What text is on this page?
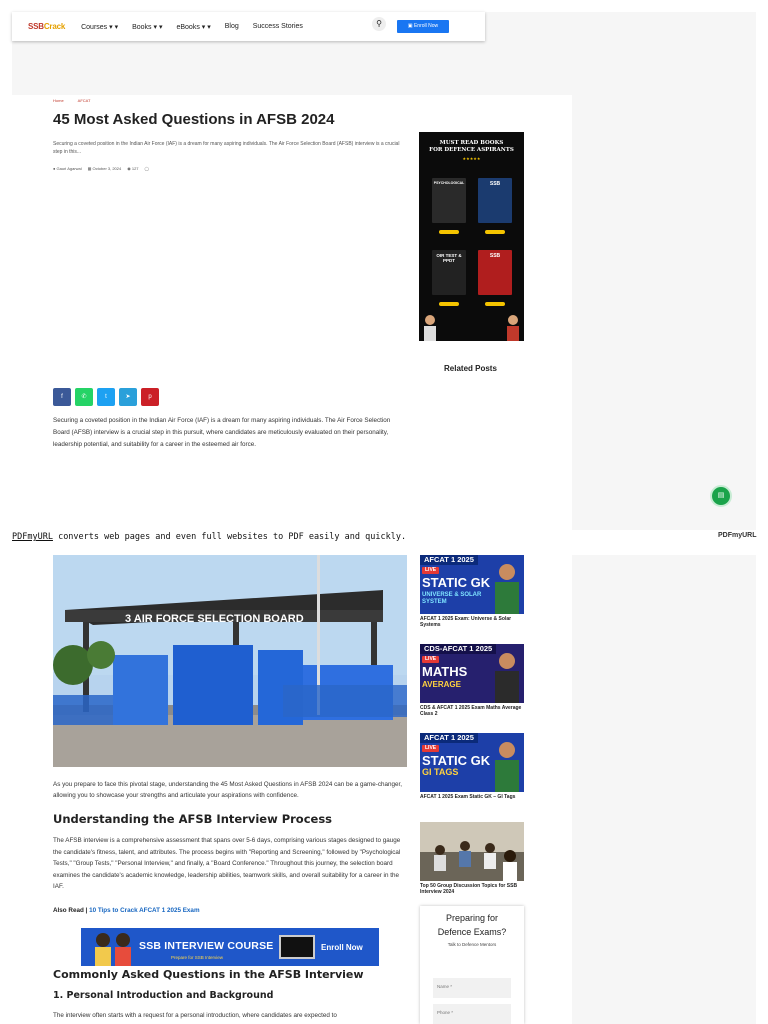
SSBCrack Courses ▾ ▾ Books ▾ ▾ eBooks ▾ ▾ Blog Success Stories	⚲	▣ Enroll Now
Home	AFCAT
45 Most Asked Questions in AFSB 2024
Securing a coveted position in the Indian Air Force (IAF) is a dream for many aspiring individuals. The Air Force Selection Board (AFSB) interview is a crucial step in this...
● Gauri Agarwal ▦ October 3, 2024 ◉ 127 ◯
MUST READ BOOKS
FOR DEFENCE ASPIRANTS
★★★★★
PSYCHOLOGICAL	SSB
OIR TEST & PPDT
SSB
Related Posts
f	✆	t	➤	p
Securing a coveted position in the Indian Air Force (IAF) is a dream for many aspiring individuals. The Air Force Selection Board (AFSB) interview is a crucial step in this pursuit, where candidates are meticulously evaluated on their personality, leadership potential, and suitability for a career in the esteemed air force.
▤
PDFmyURL converts web pages and even full websites to PDF easily and quickly.	PDFmyURL
3 AIR FORCE SELECTION BOARD
As you prepare to face this pivotal stage, understanding the 45 Most Asked Questions in AFSB 2024 can be a game-changer, allowing you to showcase your strengths and articulate your aspirations with confidence.
Understanding the AFSB Interview Process
The AFSB interview is a comprehensive assessment that spans over 5-6 days, comprising various stages designed to gauge the candidate's fitness, talent, and attributes. The process begins with "Reporting and Screening," followed by "Psychological Tests," "Group Tests," "Personal Interview," and finally, a "Board Conference." Throughout this journey, the selection board examines the candidate's academic knowledge, leadership abilities, teamwork skills, and overall suitability for a career in the IAF.
Also Read | 10 Tips to Crack AFCAT 1 2025 Exam
SSB INTERVIEW COURSE
Prepare for SSB Interview
Enroll Now
Commonly Asked Questions in the AFSB Interview
1. Personal Introduction and Background
The interview often starts with a request for a personal introduction, where candidates are expected to
AFCAT 1 2025
LIVE
STATIC GK
UNIVERSE & SOLAR SYSTEM
AFCAT 1 2025 Exam: Universe & Solar Systems
CDS-AFCAT 1 2025
LIVE
MATHS
AVERAGE
CDS & AFCAT 1 2025 Exam Maths Average Class 2
AFCAT 1 2025
LIVE
STATIC GK
GI TAGS
AFCAT 1 2025 Exam Static GK – GI Tags
Top 50 Group Discussion Topics for SSB Interview 2024
Preparing for Defence Exams?
Talk to Defence Mentors
Name *
Phone *
